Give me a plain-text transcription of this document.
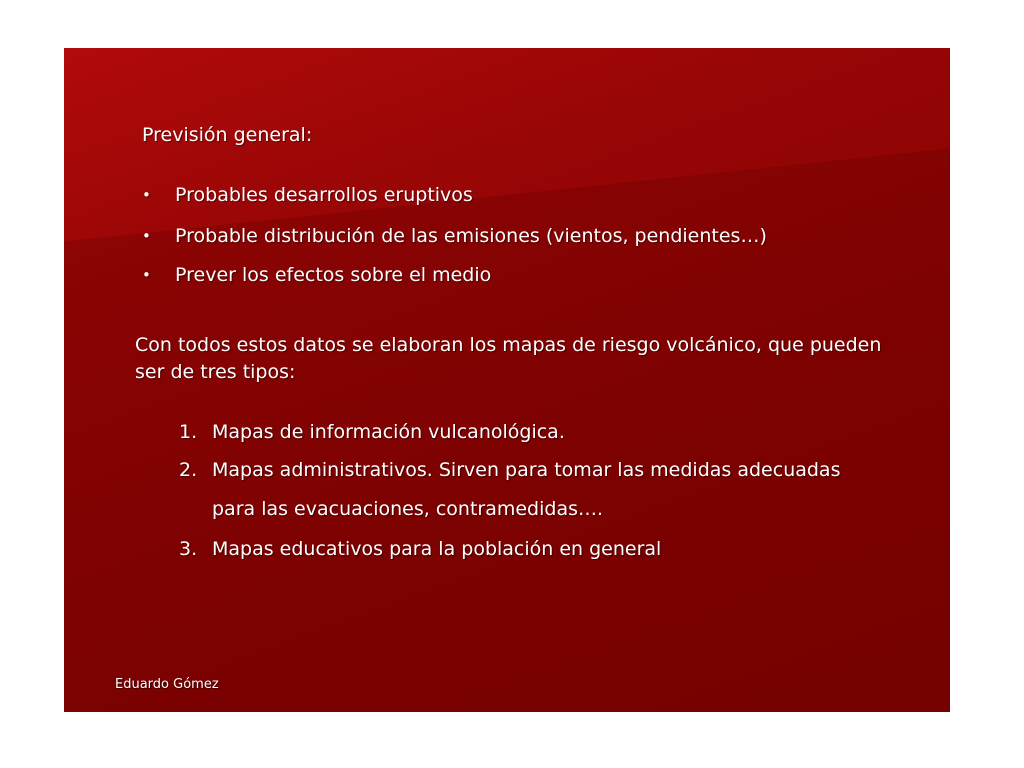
Previsión general:
• Probables desarrollos eruptivos
• Probable distribución de las emisiones (vientos, pendientes…)
• Prever los efectos sobre el medio
Con todos estos datos se elaboran los mapas de riesgo volcánico, que pueden ser de tres tipos:
1. Mapas de información vulcanológica.
2. Mapas administrativos. Sirven para tomar las medidas adecuadas
para las evacuaciones, contramedidas….
3. Mapas educativos para la población en general
Eduardo Gómez
